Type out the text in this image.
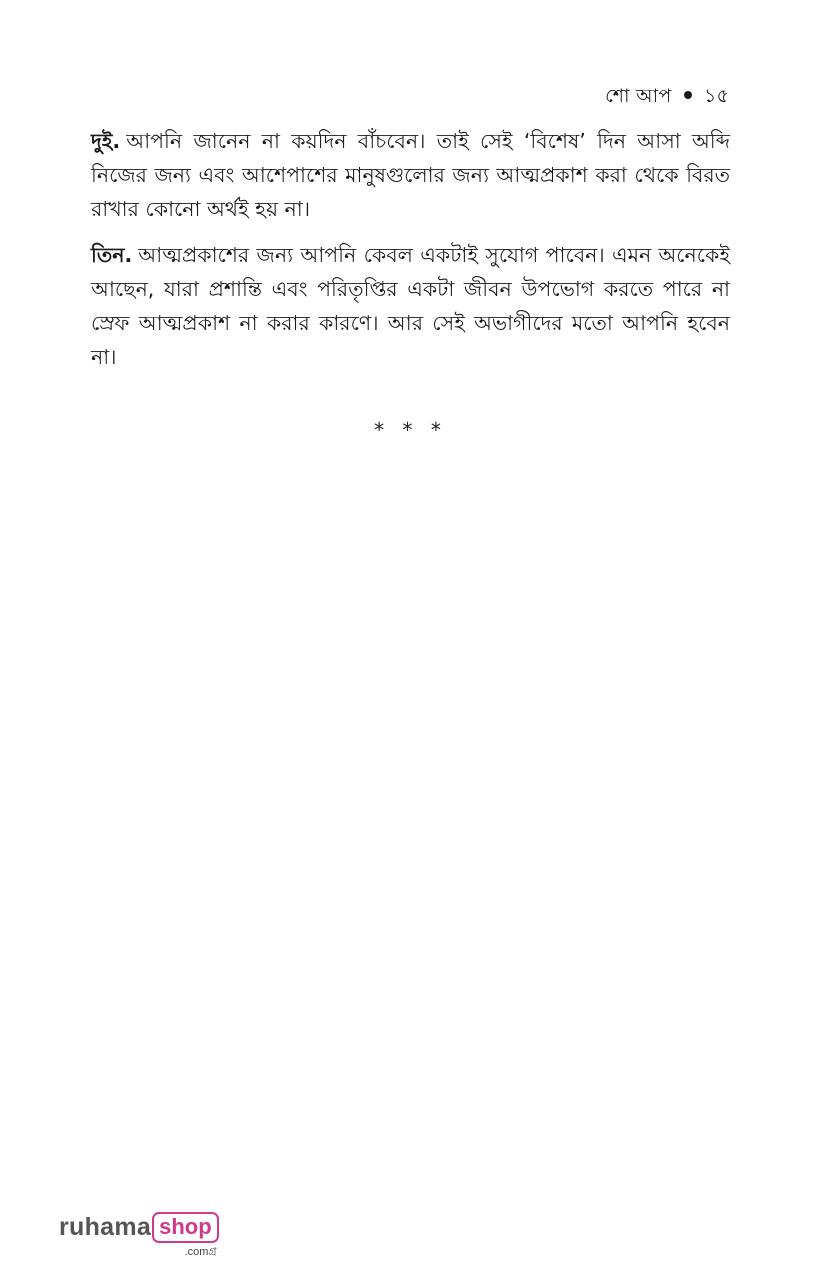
শো আপ ১৫

দুই. আপনি জানেন না কয়দিন বাঁচবেন। তাই সেই ‘বিশেষ’ দিন আসা অব্দি নিজের জন্য এবং আশেপাশের মানুষগুলোর জন্য আত্মপ্রকাশ করা থেকে বিরত রাখার কোনো অর্থই হয় না।

তিন. আত্মপ্রকাশের জন্য আপনি কেবল একটাই সুযোগ পাবেন। এমন অনেকেই আছেন, যারা প্রশান্তি এবং পরিতৃপ্তির একটা জীবন উপভোগ করতে পারে না স্রেফ আত্মপ্রকাশ না করার কারণে। আর সেই অভাগীদের মতো আপনি হবেন না।

* * *
ruhama shop
.comগ্র
